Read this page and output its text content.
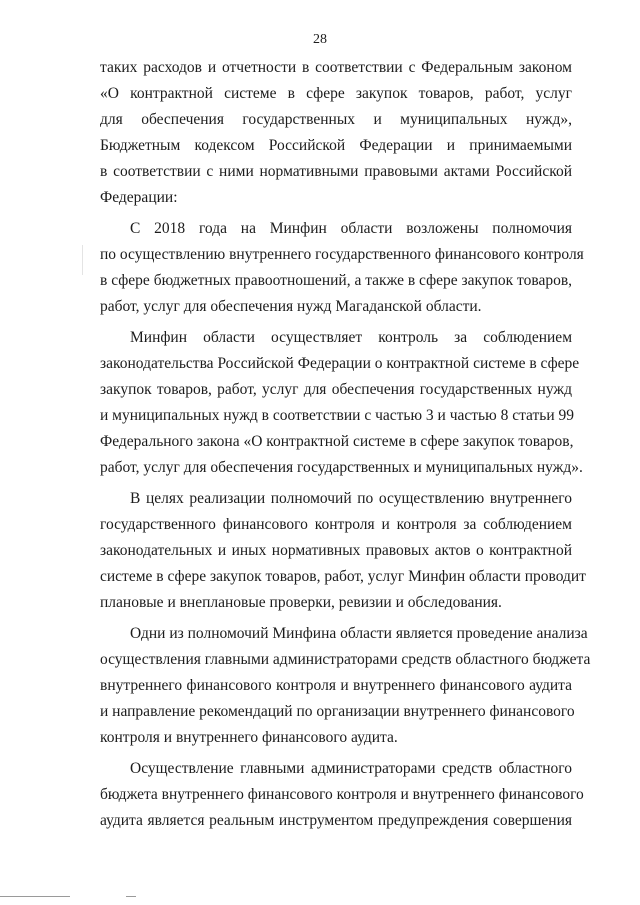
28
таких расходов и отчетности в соответствии с Федеральным законом
«О контрактной системе в сфере закупок товаров, работ, услуг
для обеспечения государственных и муниципальных нужд»,
Бюджетным кодексом Российской Федерации и принимаемыми
в соответствии с ними нормативными правовыми актами Российской
Федерации:
С 2018 года на Минфин области возложены полномочия
по осуществлению внутреннего государственного финансового контроля
в сфере бюджетных правоотношений, а также в сфере закупок товаров,
работ, услуг для обеспечения нужд Магаданской области.
Минфин области осуществляет контроль за соблюдением
законодательства Российской Федерации о контрактной системе в сфере
закупок товаров, работ, услуг для обеспечения государственных нужд
и муниципальных нужд в соответствии с частью 3 и частью 8 статьи 99
Федерального закона «О контрактной системе в сфере закупок товаров,
работ, услуг для обеспечения государственных и муниципальных нужд».
В целях реализации полномочий по осуществлению внутреннего
государственного финансового контроля и контроля за соблюдением
законодательных и иных нормативных правовых актов о контрактной
системе в сфере закупок товаров, работ, услуг Минфин области проводит
плановые и внеплановые проверки, ревизии и обследования.
Одни из полномочий Минфина области является проведение анализа
осуществления главными администраторами средств областного бюджета
внутреннего финансового контроля и внутреннего финансового аудита
и направление рекомендаций по организации внутреннего финансового
контроля и внутреннего финансового аудита.
Осуществление главными администраторами средств областного
бюджета внутреннего финансового контроля и внутреннего финансового
аудита является реальным инструментом предупреждения совершения
